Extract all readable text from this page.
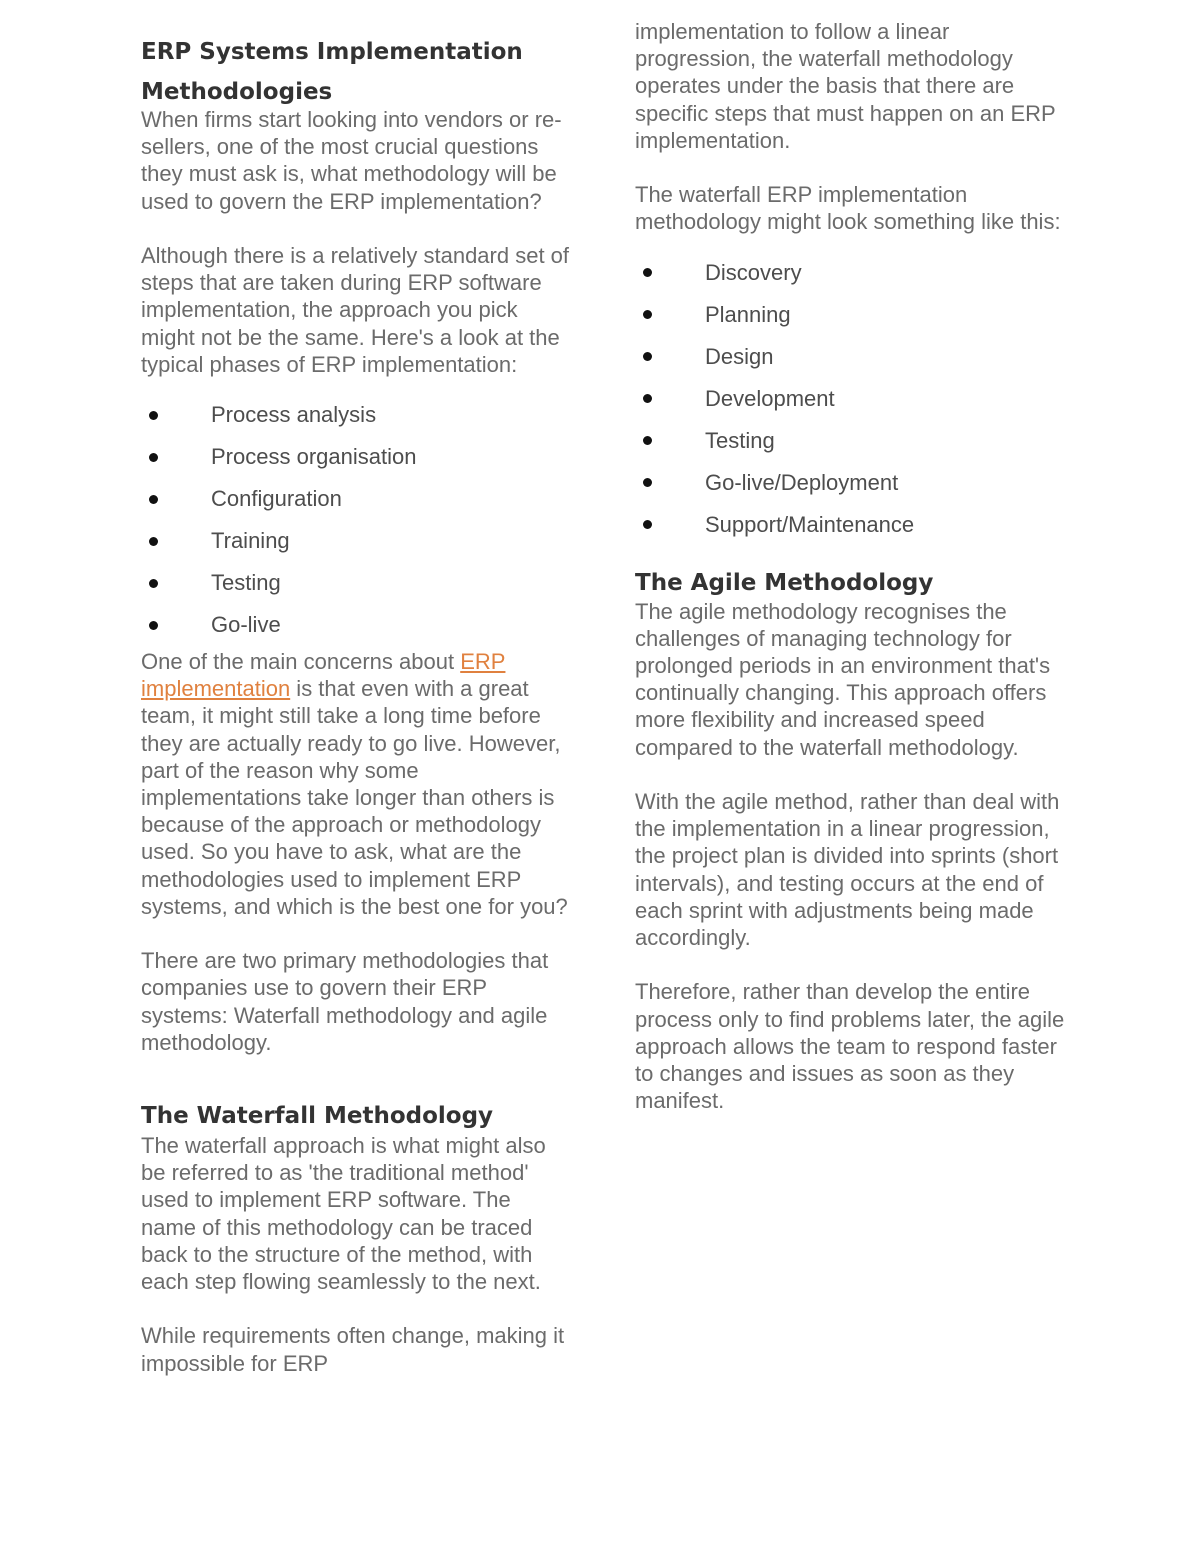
ERP Systems Implementation

Methodologies

When firms start looking into vendors or re-sellers, one of the most crucial questions they must ask is, what methodology will be used to govern the ERP implementation?

Although there is a relatively standard set of steps that are taken during ERP software implementation, the approach you pick might not be the same. Here's a look at the typical phases of ERP implementation:

Process analysis
Process organisation
Configuration
Training
Testing
Go-live

One of the main concerns about ERP implementation is that even with a great team, it might still take a long time before they are actually ready to go live. However, part of the reason why some implementations take longer than others is because of the approach or methodology used. So you have to ask, what are the methodologies used to implement ERP systems, and which is the best one for you?

There are two primary methodologies that companies use to govern their ERP systems: Waterfall methodology and agile methodology.

The Waterfall Methodology

The waterfall approach is what might also be referred to as 'the traditional method' used to implement ERP software. The name of this methodology can be traced back to the structure of the method, with each step flowing seamlessly to the next.

While requirements often change, making it impossible for ERP

implementation to follow a linear progression, the waterfall methodology operates under the basis that there are specific steps that must happen on an ERP implementation.

The waterfall ERP implementation methodology might look something like this:

Discovery
Planning
Design
Development
Testing
Go-live/Deployment
Support/Maintenance

The Agile Methodology

The agile methodology recognises the challenges of managing technology for prolonged periods in an environment that's continually changing. This approach offers more flexibility and increased speed compared to the waterfall methodology.

With the agile method, rather than deal with the implementation in a linear progression, the project plan is divided into sprints (short intervals), and testing occurs at the end of each sprint with adjustments being made accordingly.

Therefore, rather than develop the entire process only to find problems later, the agile approach allows the team to respond faster to changes and issues as soon as they manifest.
